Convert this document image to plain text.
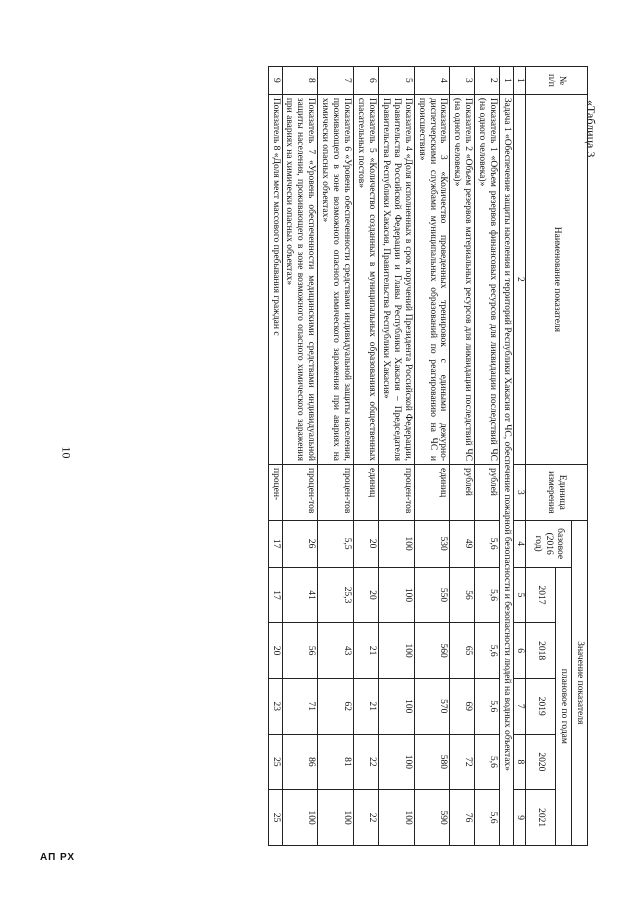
10
«Таблица 3
№
п/п	Наименование показателя	Единица измерения	Значение показателя					
			базовое (2016 год)	плановое по годам				
				2017	2018	2019	2020	2021
1	2	3	4	5	6	7	8	9
1	Задача 1 «Обеспечение защиты населения и территорий Республики Хакасия от ЧС, обеспечение пожарной безопасности и безопасности людей на водных объектах»							
2	Показатель 1 «Объем резервов финансовых ресурсов для ликвидации последствий ЧС (на одного человека)»	рублей	5,6	5,6	5,6	5,6	5,6	5,6
3	Показатель 2 «Объем резервов материальных ресурсов для ликвидации последствий ЧС (на одного человека)»	рублей	49	56	65	69	72	76
4	Показатель 3 «Количество проведенных тренировок с едиными дежурно-диспетчерскими службами муниципальных образований по реагированию на ЧС и происшествия»	единиц	530	550	560	570	580	590
5	Показатель 4 «Доля исполненных в срок поручений Президента Российской Федерации, Правительства Российской Федерации и Главы Республики Хакасия – Председателя Правительства Республики Хакасия, Правительства Республики Хакасия»	процен-тов	100	100	100	100	100	100
6	Показатель 5 «Количество созданных в муниципальных образованиях общественных спасательных постов»	единиц	20	20	21	21	22	22
7	Показатель 6 «Уровень обеспеченности средствами индивидуальной защиты населения, проживающего в зоне возможного опасного химического заражения при авариях на химически опасных объектах»	процен-тов	5,5	25,3	43	62	81	100
8	Показатель 7 «Уровень обеспеченности медицинскими средствами индивидуальной защиты населения, проживающего в зоне возможного опасного химического заражения при авариях на химически опасных объектах»	процен-тов	26	41	56	71	86	100
9	Показатель 8 «Доля мест массового пребывания граждан с	процен-	17	17	20	23	25	25
АП РХ
